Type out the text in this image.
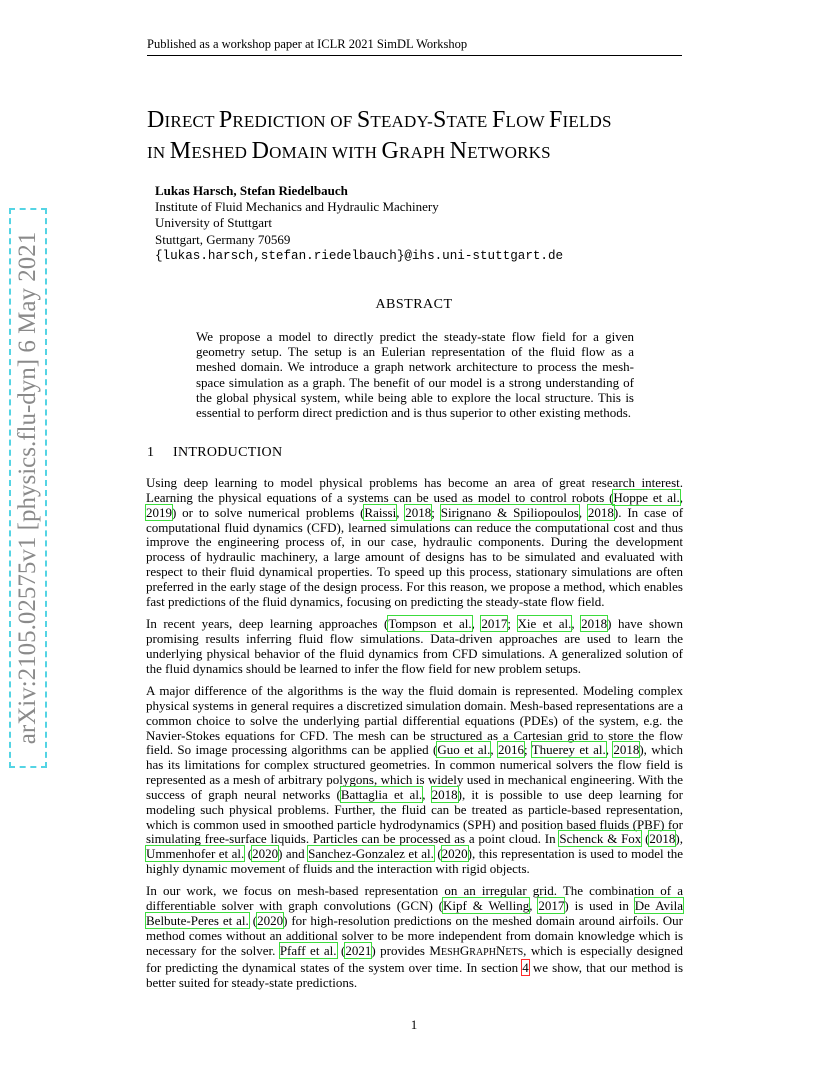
Published as a workshop paper at ICLR 2021 SimDL Workshop
arXiv:2105.02575v1 [physics.flu-dyn] 6 May 2021
DIRECT PREDICTION OF STEADY-STATE FLOW FIELDS
IN MESHED DOMAIN WITH GRAPH NETWORKS
Lukas Harsch, Stefan Riedelbauch
Institute of Fluid Mechanics and Hydraulic Machinery
University of Stuttgart
Stuttgart, Germany 70569
{lukas.harsch,stefan.riedelbauch}@ihs.uni-stuttgart.de
ABSTRACT
We propose a model to directly predict the steady-state flow field for a given geometry setup. The setup is an Eulerian representation of the fluid flow as a meshed domain. We introduce a graph network architecture to process the mesh-space simulation as a graph. The benefit of our model is a strong understanding of the global physical system, while being able to explore the local structure. This is essential to perform direct prediction and is thus superior to other existing methods.
1 INTRODUCTION

Using deep learning to model physical problems has become an area of great research interest. Learning the physical equations of a systems can be used as model to control robots (Hoppe et al., 2019) or to solve numerical problems (Raissi, 2018; Sirignano & Spiliopoulos, 2018). In case of computational fluid dynamics (CFD), learned simulations can reduce the computational cost and thus improve the engineering process of, in our case, hydraulic components. During the development process of hydraulic machinery, a large amount of designs has to be simulated and evaluated with respect to their fluid dynamical properties. To speed up this process, stationary simulations are often preferred in the early stage of the design process. For this reason, we propose a method, which enables fast predictions of the fluid dynamics, focusing on predicting the steady-state flow field.

In recent years, deep learning approaches (Tompson et al., 2017; Xie et al., 2018) have shown promising results inferring fluid flow simulations. Data-driven approaches are used to learn the underlying physical behavior of the fluid dynamics from CFD simulations. A generalized solution of the fluid dynamics should be learned to infer the flow field for new problem setups.

A major difference of the algorithms is the way the fluid domain is represented. Modeling complex physical systems in general requires a discretized simulation domain. Mesh-based representations are a common choice to solve the underlying partial differential equations (PDEs) of the system, e.g. the Navier-Stokes equations for CFD. The mesh can be structured as a Cartesian grid to store the flow field. So image processing algorithms can be applied (Guo et al., 2016; Thuerey et al., 2018), which has its limitations for complex structured geometries. In common numerical solvers the flow field is represented as a mesh of arbitrary polygons, which is widely used in mechanical engineering. With the success of graph neural networks (Battaglia et al., 2018), it is possible to use deep learning for modeling such physical problems. Further, the fluid can be treated as particle-based representation, which is common used in smoothed particle hydrodynamics (SPH) and position based fluids (PBF) for simulating free-surface liquids. Particles can be processed as a point cloud. In Schenck & Fox (2018), Ummenhofer et al. (2020) and Sanchez-Gonzalez et al. (2020), this representation is used to model the highly dynamic movement of fluids and the interaction with rigid objects.

In our work, we focus on mesh-based representation on an irregular grid. The combination of a differentiable solver with graph convolutions (GCN) (Kipf & Welling, 2017) is used in De Avila Belbute-Peres et al. (2020) for high-resolution predictions on the meshed domain around airfoils. Our method comes without an additional solver to be more independent from domain knowledge which is necessary for the solver. Pfaff et al. (2021) provides MESHGRAPHNETS, which is especially designed for predicting the dynamical states of the system over time. In section 4 we show, that our method is better suited for steady-state predictions.

1
